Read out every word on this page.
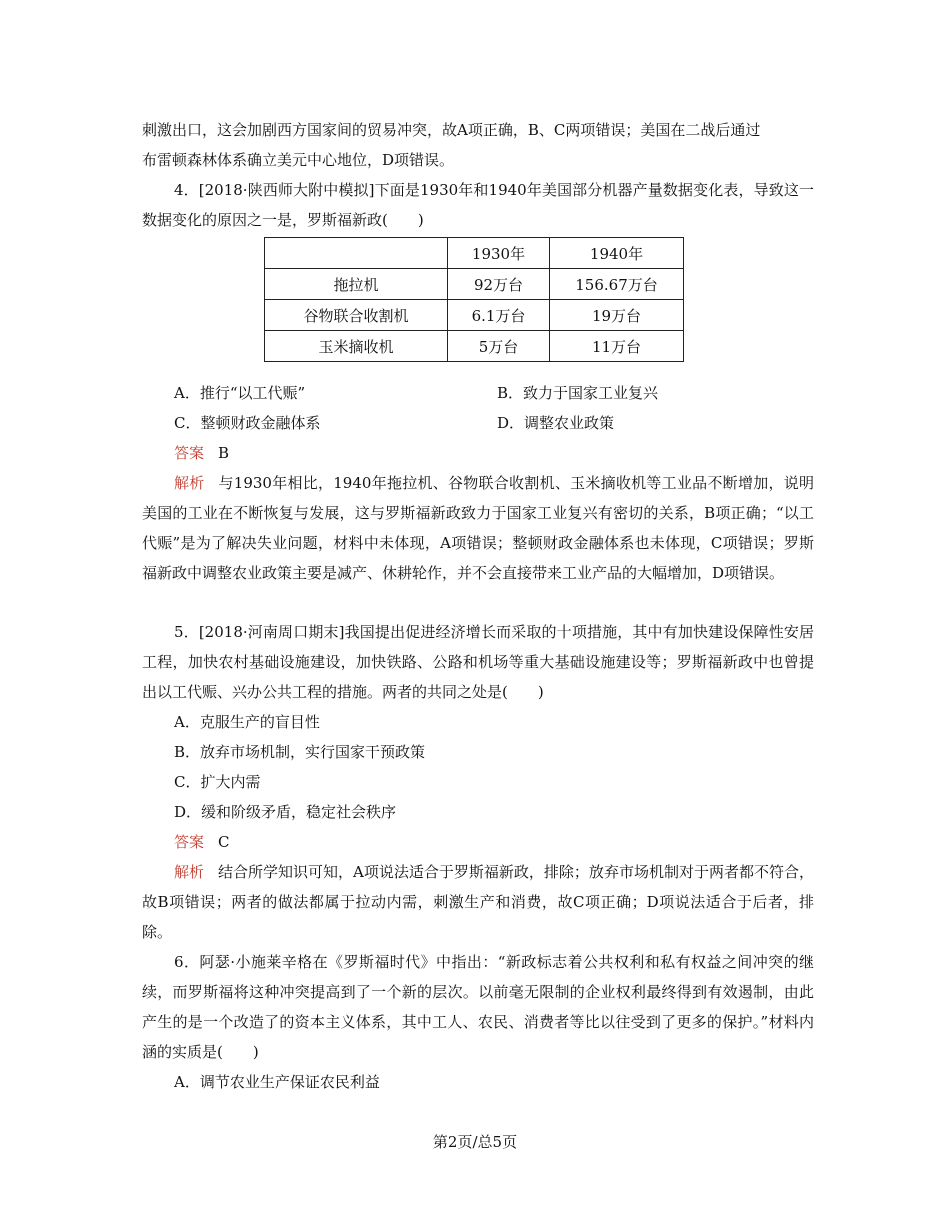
刺激出口，这会加剧西方国家间的贸易冲突，故A项正确，B、C两项错误；美国在二战后通过
布雷顿森林体系确立美元中心地位，D项错误。

4．[2018·陕西师大附中模拟]下面是1930年和1940年美国部分机器产量数据变化表，导致这一数据变化的原因之一是，罗斯福新政(　　)

	1930年	1940年
拖拉机	92万台	156.67万台
谷物联合收割机	6.1万台	19万台
玉米摘收机	5万台	11万台

A．推行“以工代赈”	B．致力于国家工业复兴

C．整顿财政金融体系	D．调整农业政策

答案 B

解析 与1930年相比，1940年拖拉机、谷物联合收割机、玉米摘收机等工业品不断增加，说明美国的工业在不断恢复与发展，这与罗斯福新政致力于国家工业复兴有密切的关系，B项正确；“以工代赈”是为了解决失业问题，材料中未体现，A项错误；整顿财政金融体系也未体现，C项错误；罗斯福新政中调整农业政策主要是减产、休耕轮作，并不会直接带来工业产品的大幅增加，D项错误。

5．[2018·河南周口期末]我国提出促进经济增长而采取的十项措施，其中有加快建设保障性安居工程，加快农村基础设施建设，加快铁路、公路和机场等重大基础设施建设等；罗斯福新政中也曾提出以工代赈、兴办公共工程的措施。两者的共同之处是(　　)

A．克服生产的盲目性

B．放弃市场机制，实行国家干预政策

C．扩大内需

D．缓和阶级矛盾，稳定社会秩序

答案 C

解析 结合所学知识可知，A项说法适合于罗斯福新政，排除；放弃市场机制对于两者都不符合，故B项错误；两者的做法都属于拉动内需，刺激生产和消费，故C项正确；D项说法适合于后者，排除。

6．阿瑟·小施莱辛格在《罗斯福时代》中指出：“新政标志着公共权利和私有权益之间冲突的继续，而罗斯福将这种冲突提高到了一个新的层次。以前毫无限制的企业权利最终得到有效遏制，由此产生的是一个改造了的资本主义体系，其中工人、农民、消费者等比以往受到了更多的保护。”材料内涵的实质是(　　)

A．调节农业生产保证农民利益

第2页/总5页
